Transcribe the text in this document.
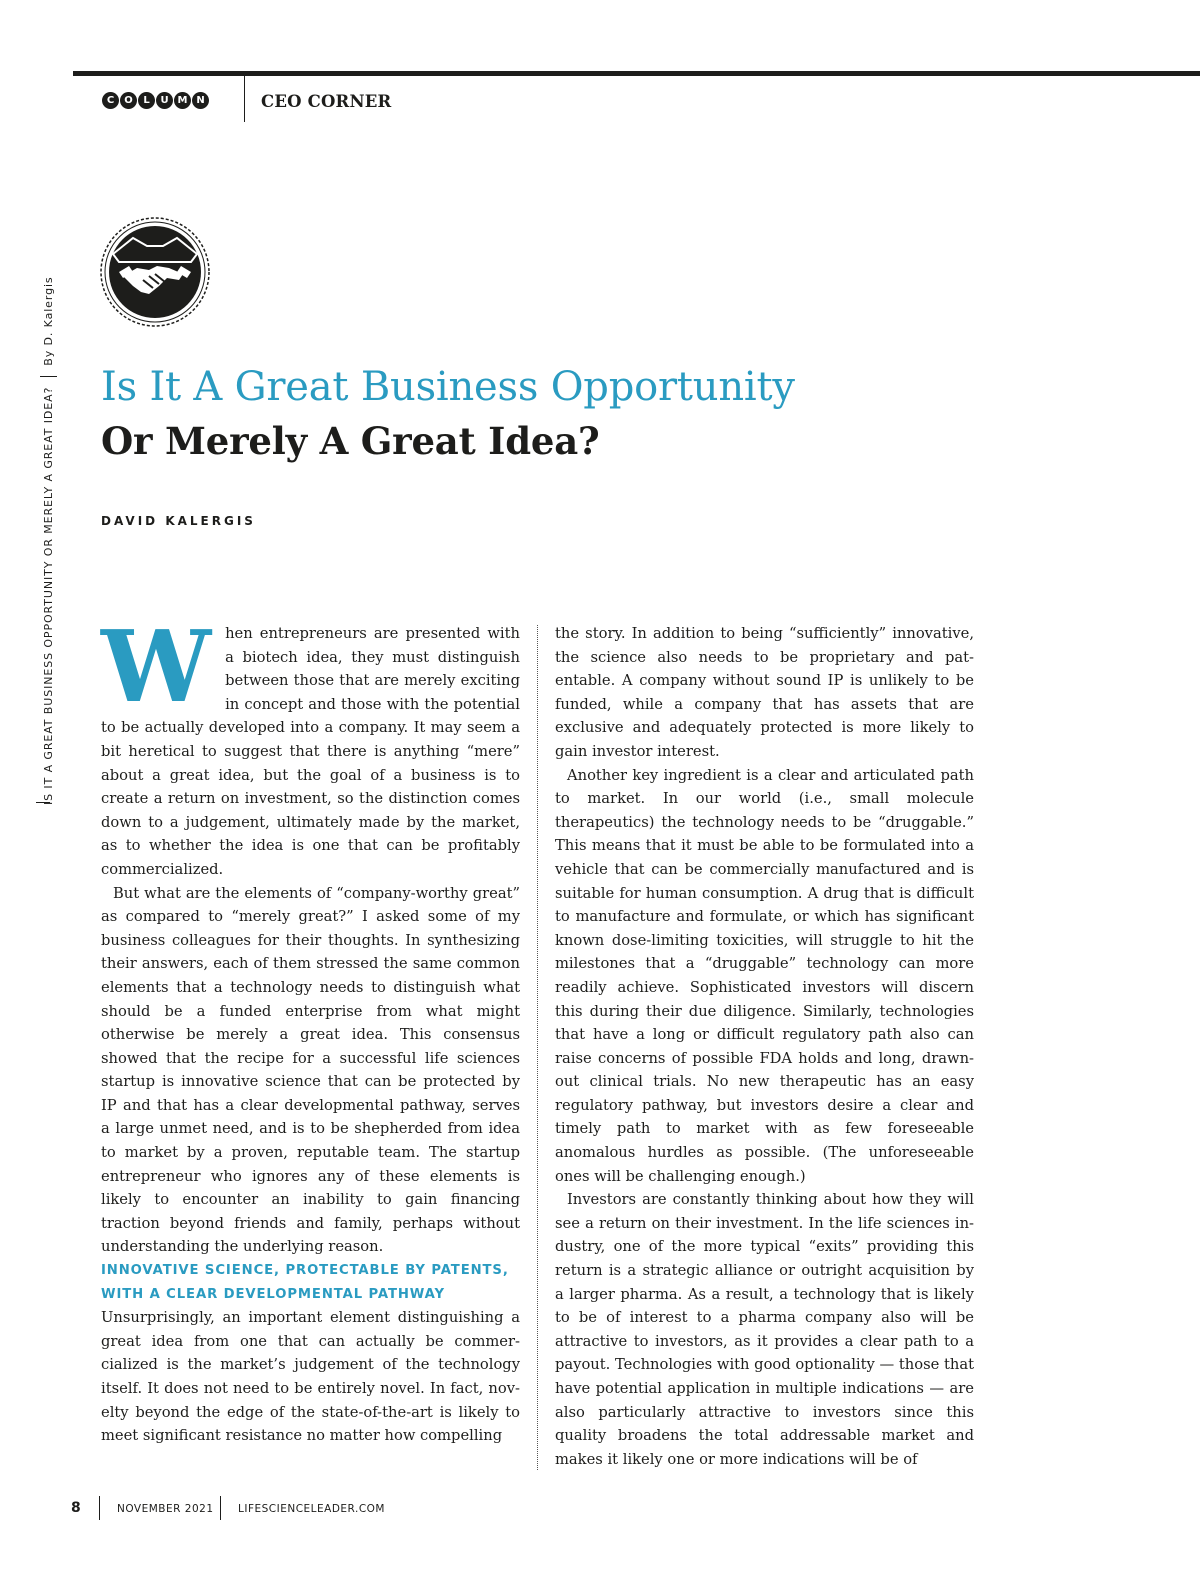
C	O	L	U M N	CEO CORNER
IS IT A GREAT BUSINESS OPPORTUNITY OR MERELY A GREAT IDEA?
By D. Kalergis
Is It A Great Business Opportunity
Or Merely A Great Idea?
DAVID KALERGIS
W hen entrepreneurs are presented with a biotech idea, they must distinguish between those that are merely exciting in concept and those with the potential to be actually developed into a company. It may seem a bit heretical to suggest that there is anything “mere” about a great idea, but the goal of a business is to create a return on investment, so the distinction comes down to a judgement, ultimately made by the market, as to whether the idea is one that can be profitably commercialized.

But what are the elements of “company-worthy great” as compared to “merely great?” I asked some of my business colleagues for their thoughts. In synthesizing their answers, each of them stressed the same common elements that a technology needs to distinguish what should be a funded enterprise from what might otherwise be merely a great idea. This consensus showed that the recipe for a successful life sciences startup is innovative science that can be protected by IP and that has a clear developmental pathway, serves a large unmet need, and is to be shepherded from idea to market by a proven, reputable team. The startup entrepreneur who ignores any of these elements is likely to encounter an inability to gain financing traction beyond friends and family, perhaps without understanding the underlying reason.

INNOVATIVE SCIENCE, PROTECTABLE BY PATENTS, WITH A CLEAR DEVELOPMENTAL PATHWAY

Unsurprisingly, an important element distinguishing a great idea from one that can actually be commercialized is the market’s judgement of the technology itself. It does not need to be entirely novel. In fact, novelty beyond the edge of the state-of-the-art is likely to meet significant resistance no matter how compelling

the story. In addition to being “sufficiently” innovative, the science also needs to be proprietary and patentable. A company without sound IP is unlikely to be funded, while a company that has assets that are exclusive and adequately protected is more likely to gain investor interest.

Another key ingredient is a clear and articulated path to market. In our world (i.e., small molecule therapeutics) the technology needs to be “druggable.” This means that it must be able to be formulated into a vehicle that can be commercially manufactured and is suitable for human consumption. A drug that is difficult to manufacture and formulate, or which has significant known dose-limiting toxicities, will struggle to hit the milestones that a “druggable” technology can more readily achieve. Sophisticated investors will discern this during their due diligence. Similarly, technologies that have a long or difficult regulatory path also can raise concerns of possible FDA holds and long, drawn-out clinical trials. No new therapeutic has an easy regulatory pathway, but investors desire a clear and timely path to market with as few foreseeable anomalous hurdles as possible. (The unforeseeable ones will be challenging enough.)

Investors are constantly thinking about how they will see a return on their investment. In the life sciences industry, one of the more typical “exits” providing this return is a strategic alliance or outright acquisition by a larger pharma. As a result, a technology that is likely to be of interest to a pharma company also will be attractive to investors, as it provides a clear path to a payout. Technologies with good optionality — those that have potential application in multiple indications — are also particularly attractive to investors since this quality broadens the total addressable market and makes it likely one or more indications will be of

8	NOVEMBER 2021 LIFESCIENCELEADER.COM
